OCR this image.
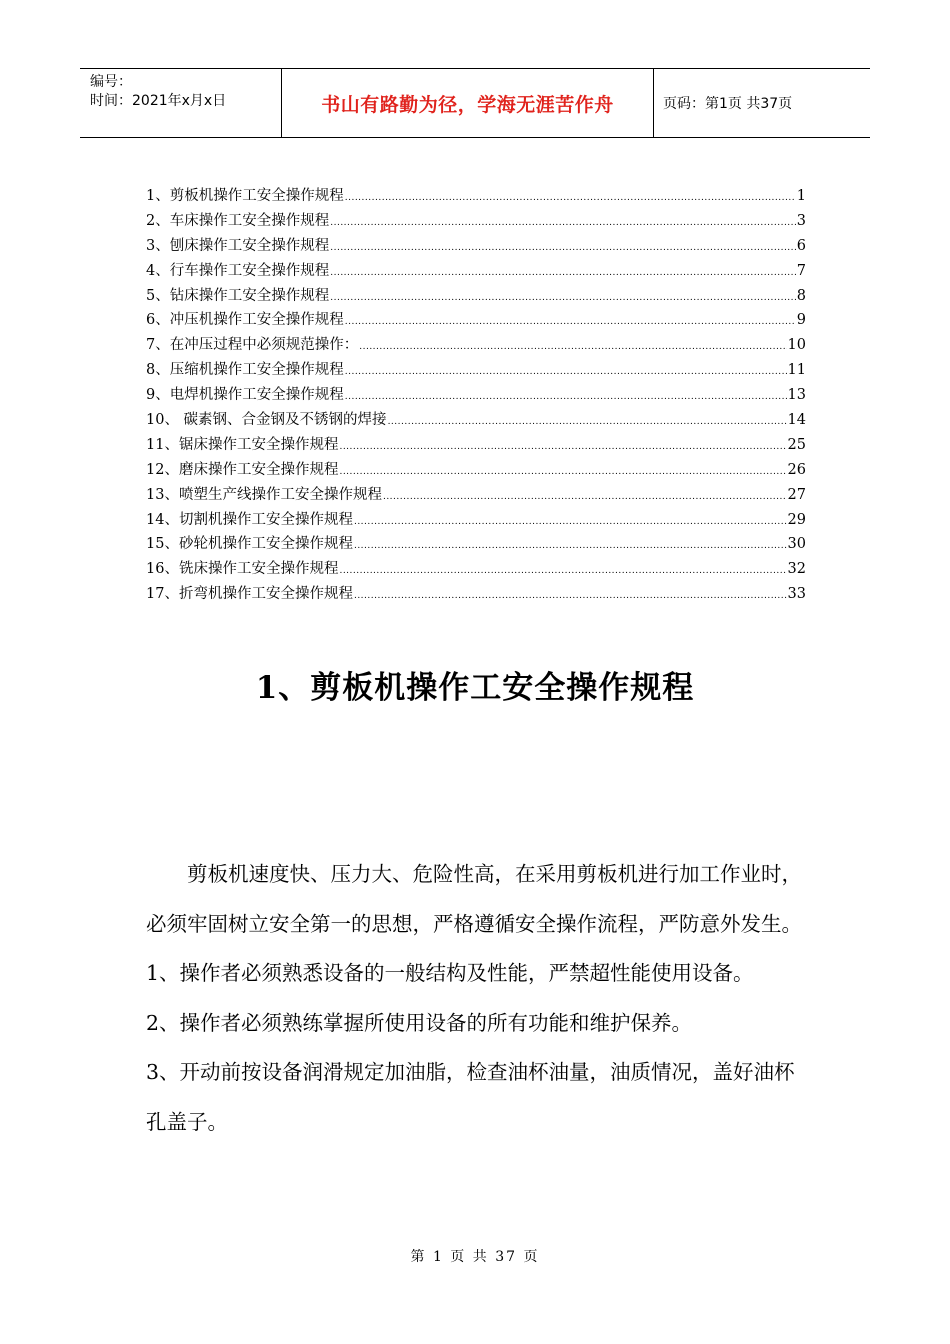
编号：
时间：2021年x月x日	书山有路勤为径，学海无涯苦作舟	页码：第1页 共37页
1、剪板机操作工安全操作规程 .....	1
2、车床操作工安全操作规程 .....	3
3、刨床操作工安全操作规程 .....	6
4、行车操作工安全操作规程 .....	7
5、钻床操作工安全操作规程 .....	8
6、冲压机操作工安全操作规程 .....	9
7、在冲压过程中必须规范操作： .....	10
8、压缩机操作工安全操作规程 .....	11
9、电焊机操作工安全操作规程 .....	13
10、 碳素钢、合金钢及不锈钢的焊接 .....	14
11、锯床操作工安全操作规程 .....	25
12、磨床操作工安全操作规程 .....	26
13、喷塑生产线操作工安全操作规程 .....	27
14、切割机操作工安全操作规程 .....	29
15、砂轮机操作工安全操作规程 .....	30
16、铣床操作工安全操作规程 .....	32
17、折弯机操作工安全操作规程 .....	33
1、剪板机操作工安全操作规程

剪板机速度快、压力大、危险性高，在采用剪板机进行加工作业时，必须牢固树立安全第一的思想，严格遵循安全操作流程，严防意外发生。

1、操作者必须熟悉设备的一般结构及性能，严禁超性能使用设备。

2、操作者必须熟练掌握所使用设备的所有功能和维护保养。

3、开动前按设备润滑规定加油脂，检查油杯油量，油质情况，盖好油杯孔盖子。

第 1 页 共 37 页
